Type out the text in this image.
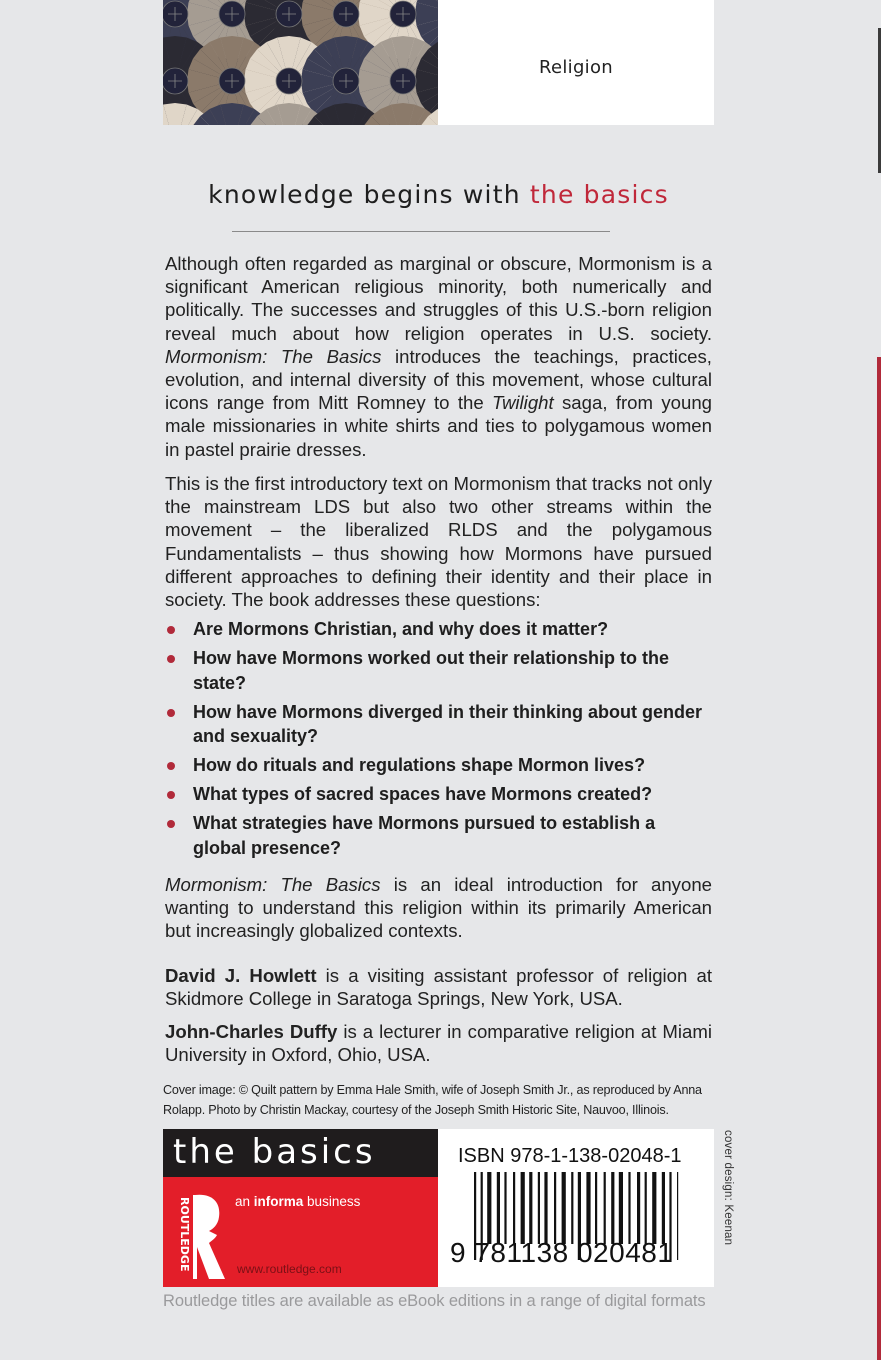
Religion
knowledge begins with the basics
Although often regarded as marginal or obscure, Mormonism is a significant American religious minority, both numerically and politically. The successes and struggles of this U.S.-born religion reveal much about how religion operates in U.S. society. Mormonism: The Basics introduces the teachings, practices, evolution, and internal diversity of this movement, whose cultural icons range from Mitt Romney to the Twilight saga, from young male missionaries in white shirts and ties to polygamous women in pastel prairie dresses.
This is the first introductory text on Mormonism that tracks not only the mainstream LDS but also two other streams within the movement – the liberalized RLDS and the polygamous Fundamentalists – thus showing how Mormons have pursued different approaches to defining their identity and their place in society. The book addresses these questions:
Are Mormons Christian, and why does it matter?
How have Mormons worked out their relationship to the state?
How have Mormons diverged in their thinking about gender and sexuality?
How do rituals and regulations shape Mormon lives?
What types of sacred spaces have Mormons created?
What strategies have Mormons pursued to establish a global presence?
Mormonism: The Basics is an ideal introduction for anyone wanting to understand this religion within its primarily American but increasingly globalized contexts.
David J. Howlett is a visiting assistant professor of religion at Skidmore College in Saratoga Springs, New York, USA.
John-Charles Duffy is a lecturer in comparative religion at Miami University in Oxford, Ohio, USA.
Cover image: © Quilt pattern by Emma Hale Smith, wife of Joseph Smith Jr., as reproduced by Anna Rolapp. Photo by Christin Mackay, courtesy of the Joseph Smith Historic Site, Nauvoo, Illinois.
the basics
ROUTLEDGE	an informa business
www.routledge.com
ISBN 978-1-138-02048-1
9 781138 020481
cover design: Keenan
Routledge titles are available as eBook editions in a range of digital formats
